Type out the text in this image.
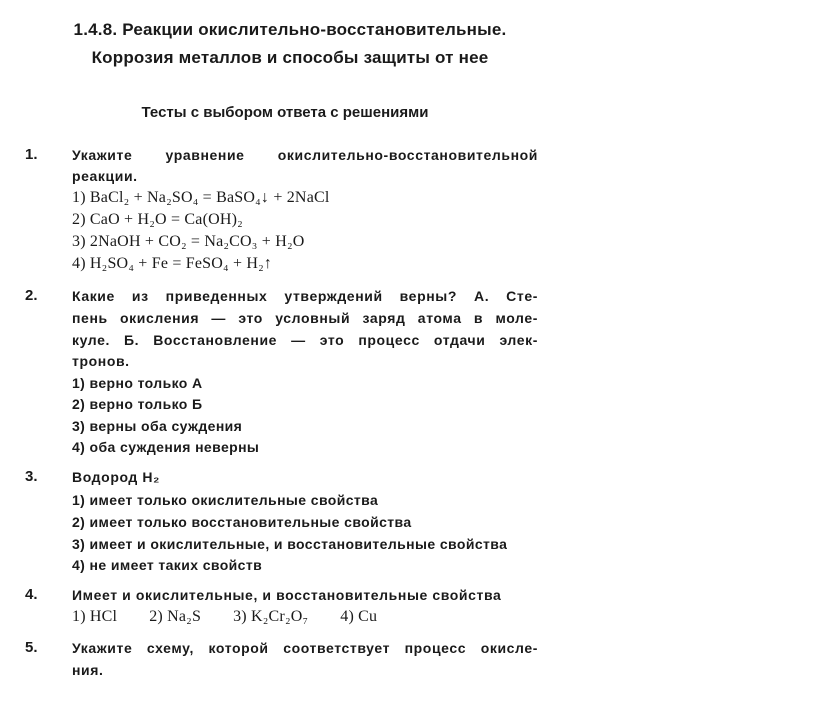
1.4.8. Реакции окислительно-восстановительные.
Коррозия металлов и способы защиты от нее
Тесты с выбором ответа с решениями
1. Укажите уравнение окислительно-восстановительной
реакции.
1) BaCl₂ + Na₂SO₄ = BaSO₄↓ + 2NaCl
2) CaO + H₂O = Ca(OH)₂
3) 2NaOH + CO₂ = Na₂CO₃ + H₂O
4) H₂SO₄ + Fe = FeSO₄ + H₂↑
2. Какие из приведенных утверждений верны? А. Сте-
пень окисления — это условный заряд атома в моле-
куле. Б. Восстановление — это процесс отдачи элек-
тронов.
1) верно только А
2) верно только Б
3) верны оба суждения
4) оба суждения неверны
3. Водород H₂
1) имеет только окислительные свойства
2) имеет только восстановительные свойства
3) имеет и окислительные, и восстановительные свойства
4) не имеет таких свойств
4. Имеет и окислительные, и восстановительные свойства
1) HCl 2) Na₂S 3) K₂Cr₂O₇ 4) Cu
5. Укажите схему, которой соответствует процесс окисле-
ния.
